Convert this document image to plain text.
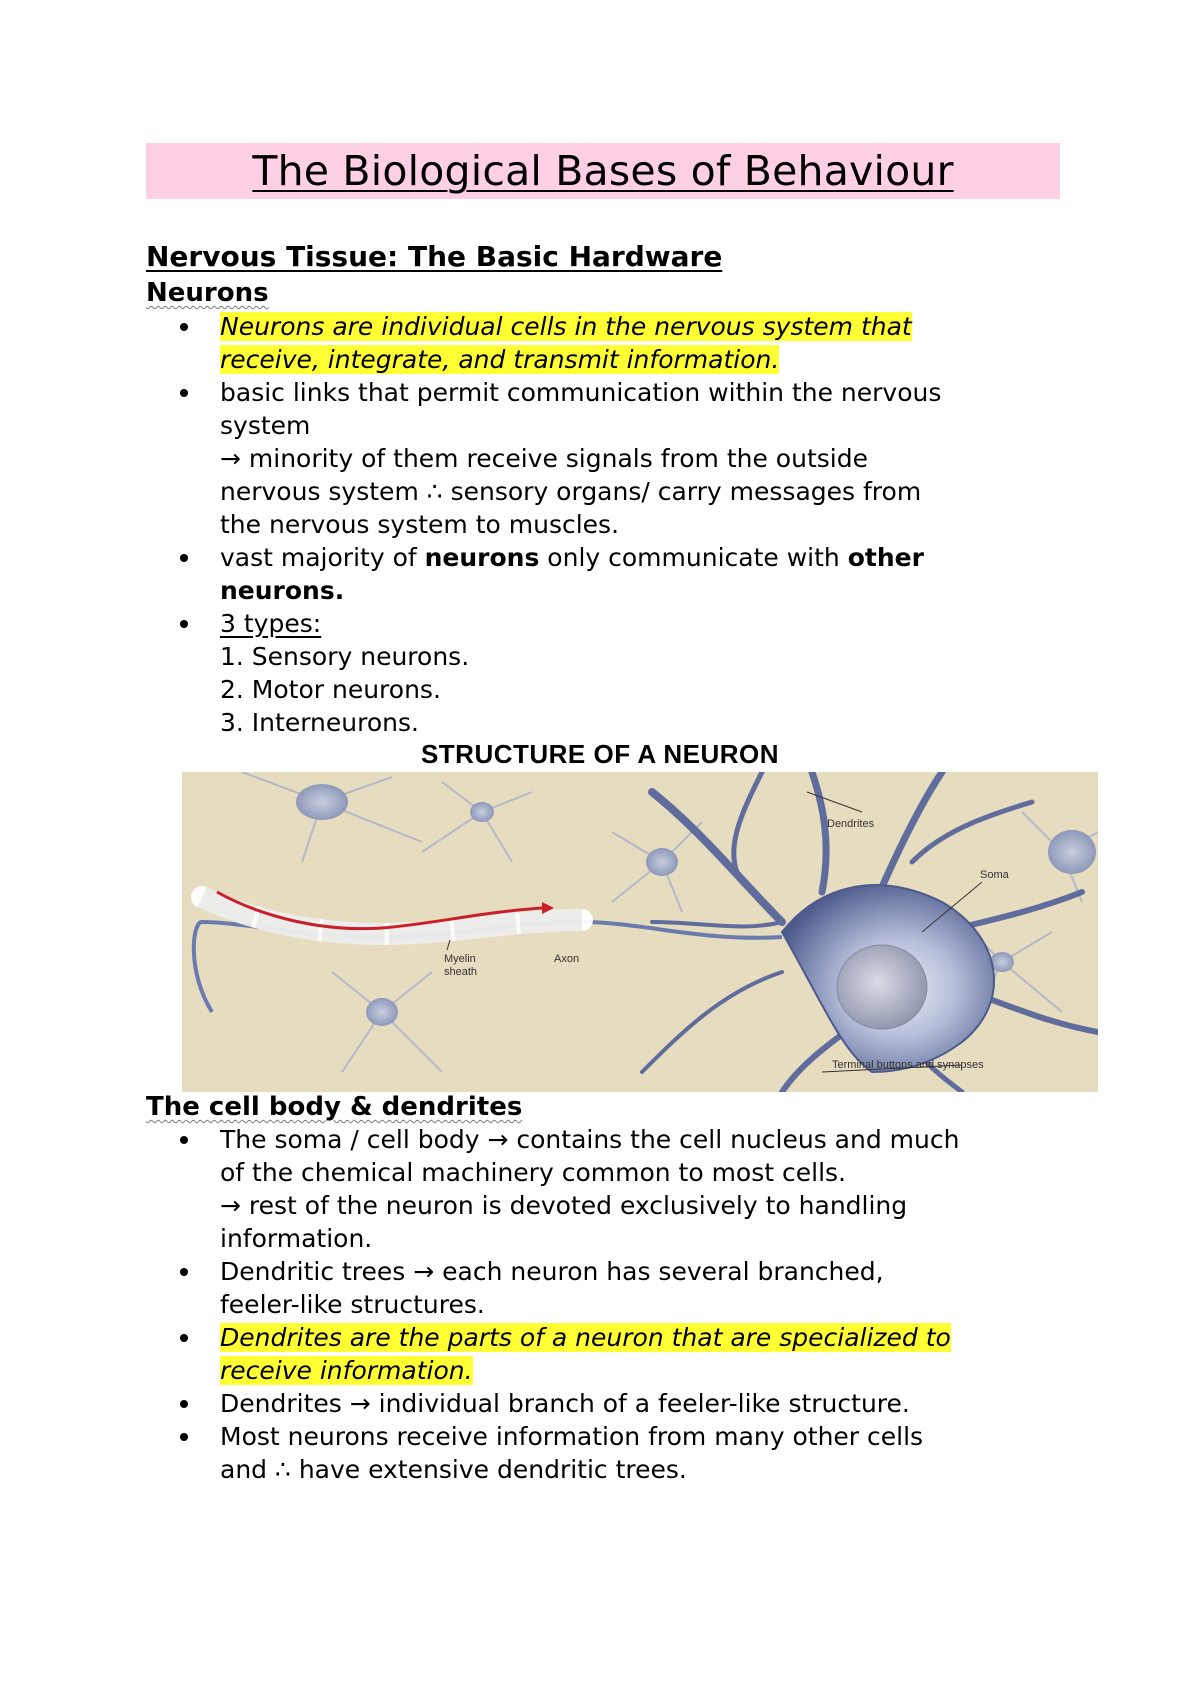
The Biological Bases of Behaviour
Nervous Tissue: The Basic Hardware
Neurons
Neurons are individual cells in the nervous system that
receive, integrate, and transmit information.
basic links that permit communication within the nervous
system
→ minority of them receive signals from the outside
nervous system ∴ sensory organs/ carry messages from
the nervous system to muscles.
vast majority of neurons only communicate with other
neurons.
3 types:
1. Sensory neurons.
2. Motor neurons.
3. Interneurons.
STRUCTURE OF A NEURON
Dendrites
Soma
Myelin
sheath
Axon
Terminal buttons and synapses
The cell body & dendrites
The soma / cell body → contains the cell nucleus and much
of the chemical machinery common to most cells.
→ rest of the neuron is devoted exclusively to handling
information.
Dendritic trees → each neuron has several branched,
feeler-like structures.
Dendrites are the parts of a neuron that are specialized to
receive information.
Dendrites → individual branch of a feeler-like structure.
Most neurons receive information from many other cells
and ∴ have extensive dendritic trees.
